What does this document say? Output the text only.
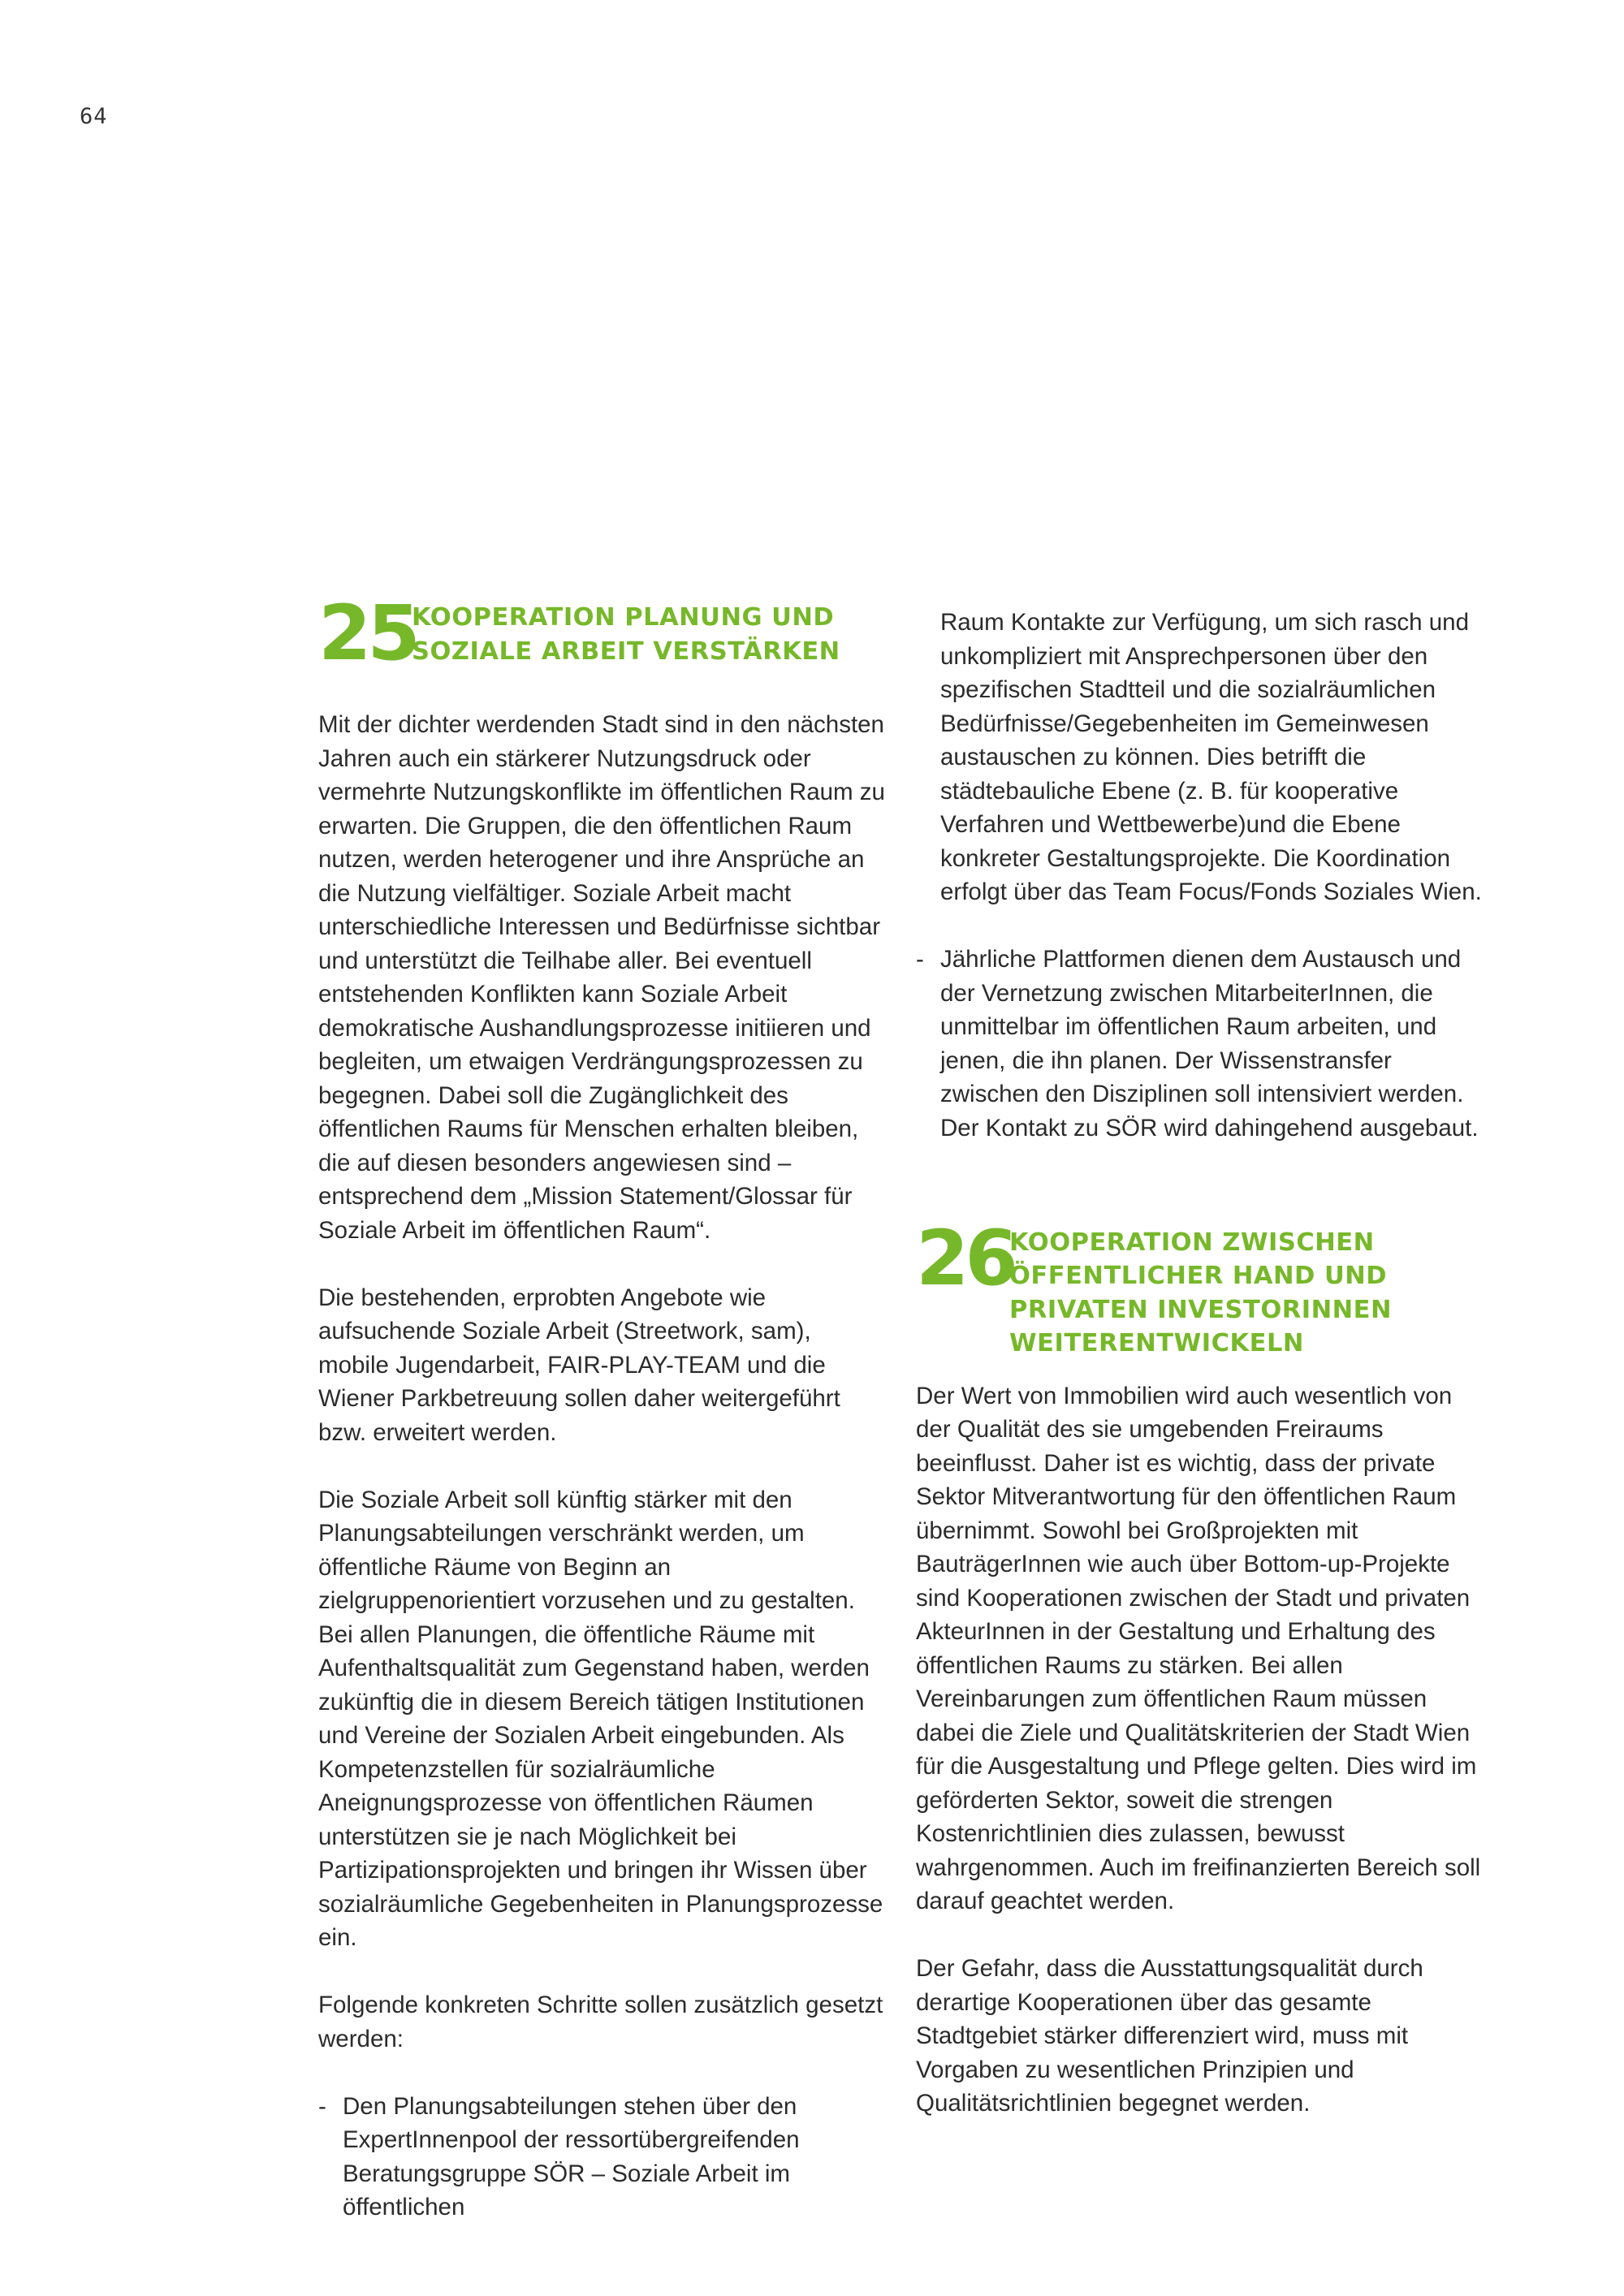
64
25
KOOPERATION PLANUNG UND
SOZIALE ARBEIT VERSTÄRKEN

Mit der dichter werdenden Stadt sind in den nächsten Jahren auch ein stärkerer Nutzungsdruck oder vermehrte Nutzungskonflikte im öffentlichen Raum zu erwarten. Die Gruppen, die den öffentlichen Raum nutzen, werden heterogener und ihre Ansprüche an die Nutzung vielfältiger. Soziale Arbeit macht unterschiedliche Interessen und Bedürfnisse sichtbar und unterstützt die Teilhabe aller. Bei eventuell entstehenden Konflikten kann Soziale Arbeit demokratische Aushandlungsprozesse initiieren und begleiten, um etwaigen Verdrängungsprozessen zu begegnen. Dabei soll die Zugänglichkeit des öffentlichen Raums für Menschen erhalten bleiben, die auf diesen besonders angewiesen sind – entsprechend dem „Mission Statement/Glossar für Soziale Arbeit im öffentlichen Raum“.

Die bestehenden, erprobten Angebote wie aufsuchende Soziale Arbeit (Streetwork, sam), mobile Jugendarbeit, FAIR-PLAY-TEAM und die Wiener Parkbetreuung sollen daher weitergeführt bzw. erweitert werden.

Die Soziale Arbeit soll künftig stärker mit den Planungsabteilungen verschränkt werden, um öffentliche Räume von Beginn an zielgruppenorientiert vorzusehen und zu gestalten. Bei allen Planungen, die öffentliche Räume mit Aufenthaltsqualität zum Gegenstand haben, werden zukünftig die in diesem Bereich tätigen Institutionen und Vereine der Sozialen Arbeit eingebunden. Als Kompetenzstellen für sozialräumliche Aneignungsprozesse von öffentlichen Räumen unterstützen sie je nach Möglichkeit bei Partizipationsprojekten und bringen ihr Wissen über sozialräumliche Gegebenheiten in Planungsprozesse ein.

Folgende konkreten Schritte sollen zusätzlich gesetzt werden:

- Den Planungsabteilungen stehen über den ExpertInnenpool der ressortübergreifenden Beratungsgruppe SÖR – Soziale Arbeit im öffentlichen

Raum Kontakte zur Verfügung, um sich rasch und unkompliziert mit Ansprechpersonen über den spezifischen Stadtteil und die sozialräumlichen Bedürfnisse/Gegebenheiten im Gemeinwesen austauschen zu können. Dies betrifft die städtebauliche Ebene (z. B. für kooperative Verfahren und Wettbewerbe)und die Ebene konkreter Gestaltungsprojekte. Die Koordination erfolgt über das Team Focus/Fonds Soziales Wien.

- Jährliche Plattformen dienen dem Austausch und der Vernetzung zwischen MitarbeiterInnen, die unmittelbar im öffentlichen Raum arbeiten, und jenen, die ihn planen. Der Wissenstransfer zwischen den Disziplinen soll intensiviert werden. Der Kontakt zu SÖR wird dahingehend ausgebaut.
26
KOOPERATION ZWISCHEN
ÖFFENTLICHER HAND UND
PRIVATEN INVESTORINNEN
WEITERENTWICKELN

Der Wert von Immobilien wird auch wesentlich von der Qualität des sie umgebenden Freiraums beeinflusst. Daher ist es wichtig, dass der private Sektor Mitverantwortung für den öffentlichen Raum übernimmt. Sowohl bei Großprojekten mit BauträgerInnen wie auch über Bottom-up-Projekte sind Kooperationen zwischen der Stadt und privaten AkteurInnen in der Gestaltung und Erhaltung des öffentlichen Raums zu stärken. Bei allen Vereinbarungen zum öffentlichen Raum müssen dabei die Ziele und Qualitätskriterien der Stadt Wien für die Ausgestaltung und Pflege gelten. Dies wird im geförderten Sektor, soweit die strengen Kostenrichtlinien dies zulassen, bewusst wahrgenommen. Auch im freifinanzierten Bereich soll darauf geachtet werden.

Der Gefahr, dass die Ausstattungsqualität durch derartige Kooperationen über das gesamte Stadtgebiet stärker differenziert wird, muss mit Vorgaben zu wesentlichen Prinzipien und Qualitätsrichtlinien begegnet werden.
